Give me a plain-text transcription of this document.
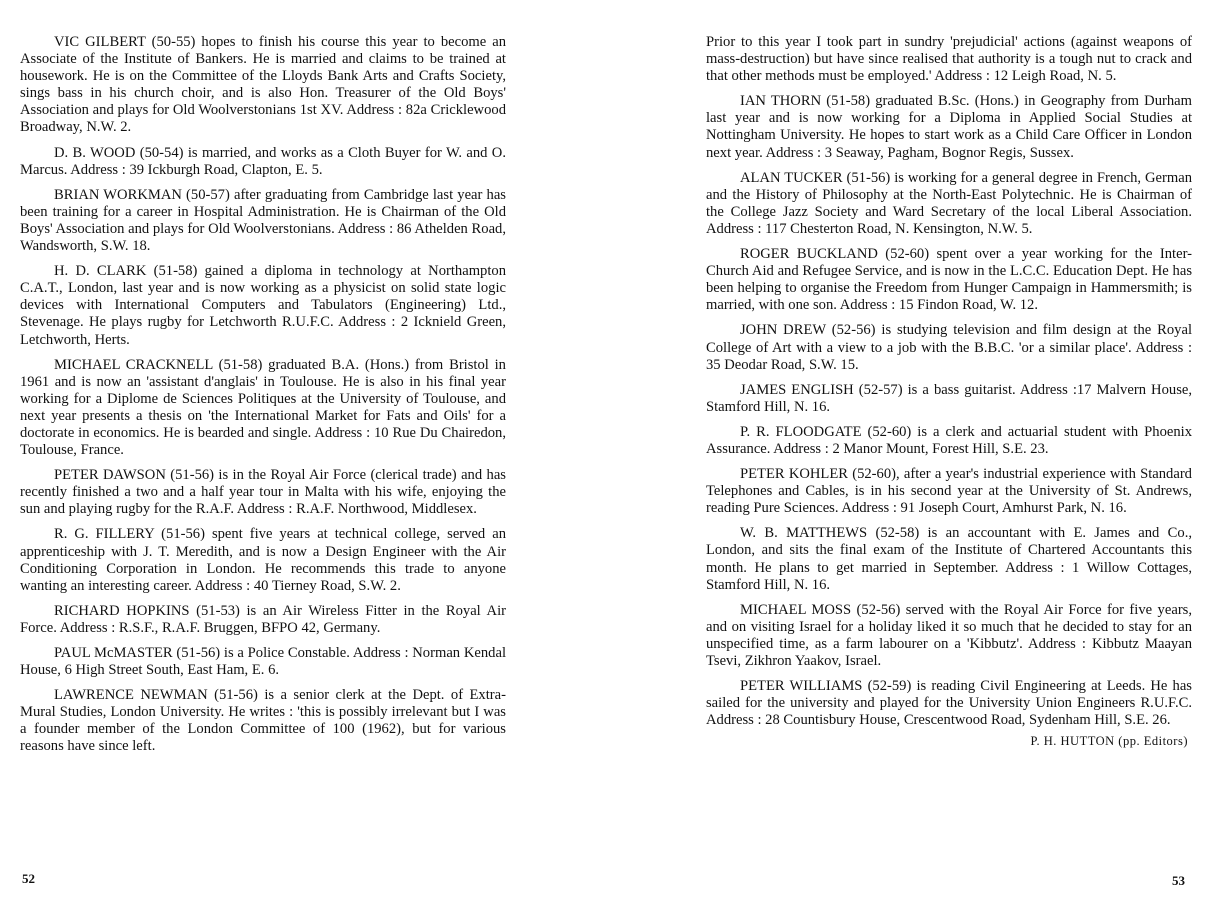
VIC GILBERT (50-55) hopes to finish his course this year to become an Associate of the Institute of Bankers. He is married and claims to be trained at housework. He is on the Committee of the Lloyds Bank Arts and Crafts Society, sings bass in his church choir, and is also Hon. Treasurer of the Old Boys' Association and plays for Old Woolverstonians 1st XV. Address : 82a Cricklewood Broadway, N.W. 2.

D. B. WOOD (50-54) is married, and works as a Cloth Buyer for W. and O. Marcus. Address : 39 Ickburgh Road, Clapton, E. 5.

BRIAN WORKMAN (50-57) after graduating from Cambridge last year has been training for a career in Hospital Administration. He is Chairman of the Old Boys' Association and plays for Old Woolverstonians. Address : 86 Athelden Road, Wandsworth, S.W. 18.

H. D. CLARK (51-58) gained a diploma in technology at Northampton C.A.T., London, last year and is now working as a physicist on solid state logic devices with International Computers and Tabulators (Engineering) Ltd., Stevenage. He plays rugby for Letchworth R.U.F.C. Address : 2 Icknield Green, Letchworth, Herts.

MICHAEL CRACKNELL (51-58) graduated B.A. (Hons.) from Bristol in 1961 and is now an 'assistant d'anglais' in Toulouse. He is also in his final year working for a Diplome de Sciences Politiques at the University of Toulouse, and next year presents a thesis on 'the International Market for Fats and Oils' for a doctorate in economics. He is bearded and single. Address : 10 Rue Du Chairedon, Toulouse, France.

PETER DAWSON (51-56) is in the Royal Air Force (clerical trade) and has recently finished a two and a half year tour in Malta with his wife, enjoying the sun and playing rugby for the R.A.F. Address : R.A.F. Northwood, Middlesex.

R. G. FILLERY (51-56) spent five years at technical college, served an apprenticeship with J. T. Meredith, and is now a Design Engineer with the Air Conditioning Corporation in London. He recommends this trade to anyone wanting an interesting career. Address : 40 Tierney Road, S.W. 2.

RICHARD HOPKINS (51-53) is an Air Wireless Fitter in the Royal Air Force. Address : R.S.F., R.A.F. Bruggen, BFPO 42, Germany.

PAUL McMASTER (51-56) is a Police Constable. Address : Norman Kendal House, 6 High Street South, East Ham, E. 6.

LAWRENCE NEWMAN (51-56) is a senior clerk at the Dept. of Extra-Mural Studies, London University. He writes : 'this is possibly irrelevant but I was a founder member of the London Committee of 100 (1962), but for various reasons have since left.

52

Prior to this year I took part in sundry 'prejudicial' actions (against weapons of mass-destruction) but have since realised that authority is a tough nut to crack and that other methods must be employed.' Address : 12 Leigh Road, N. 5.

IAN THORN (51-58) graduated B.Sc. (Hons.) in Geography from Durham last year and is now working for a Diploma in Applied Social Studies at Nottingham University. He hopes to start work as a Child Care Officer in London next year. Address : 3 Seaway, Pagham, Bognor Regis, Sussex.

ALAN TUCKER (51-56) is working for a general degree in French, German and the History of Philosophy at the North-East Polytechnic. He is Chairman of the College Jazz Society and Ward Secretary of the local Liberal Association. Address : 117 Chesterton Road, N. Kensington, N.W. 5.

ROGER BUCKLAND (52-60) spent over a year working for the Inter-Church Aid and Refugee Service, and is now in the L.C.C. Education Dept. He has been helping to organise the Freedom from Hunger Campaign in Hammersmith; is married, with one son. Address : 15 Findon Road, W. 12.

JOHN DREW (52-56) is studying television and film design at the Royal College of Art with a view to a job with the B.B.C. 'or a similar place'. Address : 35 Deodar Road, S.W. 15.

JAMES ENGLISH (52-57) is a bass guitarist. Address :17 Malvern House, Stamford Hill, N. 16.

P. R. FLOODGATE (52-60) is a clerk and actuarial student with Phoenix Assurance. Address : 2 Manor Mount, Forest Hill, S.E. 23.

PETER KOHLER (52-60), after a year's industrial experience with Standard Telephones and Cables, is in his second year at the University of St. Andrews, reading Pure Sciences. Address : 91 Joseph Court, Amhurst Park, N. 16.

W. B. MATTHEWS (52-58) is an accountant with E. James and Co., London, and sits the final exam of the Institute of Chartered Accountants this month. He plans to get married in September. Address : 1 Willow Cottages, Stamford Hill, N. 16.

MICHAEL MOSS (52-56) served with the Royal Air Force for five years, and on visiting Israel for a holiday liked it so much that he decided to stay for an unspecified time, as a farm labourer on a 'Kibbutz'. Address : Kibbutz Maayan Tsevi, Zikhron Yaakov, Israel.

PETER WILLIAMS (52-59) is reading Civil Engineering at Leeds. He has sailed for the university and played for the University Union Engineers R.U.F.C. Address : 28 Countisbury House, Crescentwood Road, Sydenham Hill, S.E. 26.

P. H. HUTTON (pp. Editors)
53
